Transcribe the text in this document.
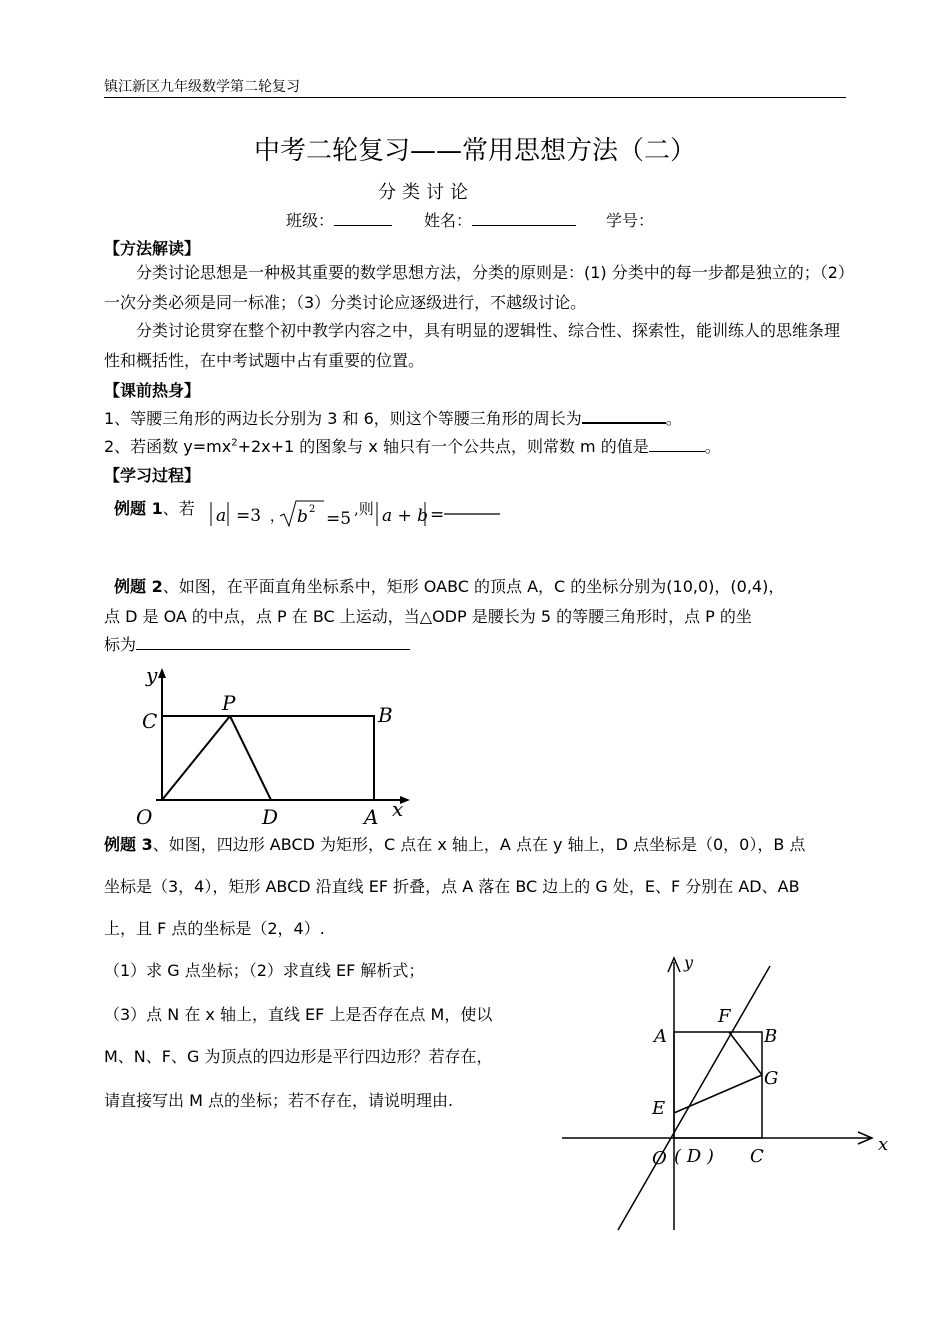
镇江新区九年级数学第二轮复习
中考二轮复习——常用思想方法（二）
分类讨论
班级：	姓名：	学号：
【方法解读】
分类讨论思想是一种极其重要的数学思想方法，分类的原则是：(1) 分类中的每一步都是独立的；（2）一次分类必须是同一标准；（3）分类讨论应逐级进行，不越级讨论。
分类讨论贯穿在整个初中教学内容之中，具有明显的逻辑性、综合性、探索性，能训练人的思维条理性和概括性，在中考试题中占有重要的位置。
【课前热身】
1、等腰三角形的两边长分别为 3 和 6，则这个等腰三角形的周长为	。
2、若函数 $y=mx^2+2x+1$ 的图象与 x 轴只有一个公共点，则常数 m 的值是	。
【学习过程】
例题 1、若 a =3 ， b 2 =5 ,则 a + b =
例题 2、如图，在平面直角坐标系中，矩形 OABC 的顶点 A，C 的坐标分别为(10,0)，(0,4)，
点 D 是 OA 的中点，点 P 在 BC 上运动，当△ODP 是腰长为 5 的等腰三角形时，点 P 的坐
标为
y
x
C
P	B
O	D	A
例题 3、如图，四边形 ABCD 为矩形，C 点在 x 轴上，A 点在 y 轴上，D 点坐标是（0，0），B 点
坐标是（3，4），矩形 ABCD 沿直线 EF 折叠，点 A 落在 BC 边上的 G 处，E、F 分别在 AD、AB
上，且 F 点的坐标是（2，4）.
（1）求 G 点坐标；（2）求直线 EF 解析式；
（3）点 N 在 x 轴上，直线 EF 上是否存在点 M，使以
M、N、F、G 为顶点的四边形是平行四边形？若存在，
请直接写出 M 点的坐标；若不存在，请说明理由.
y
x
A
F
B
G
E
O ( D ) C
